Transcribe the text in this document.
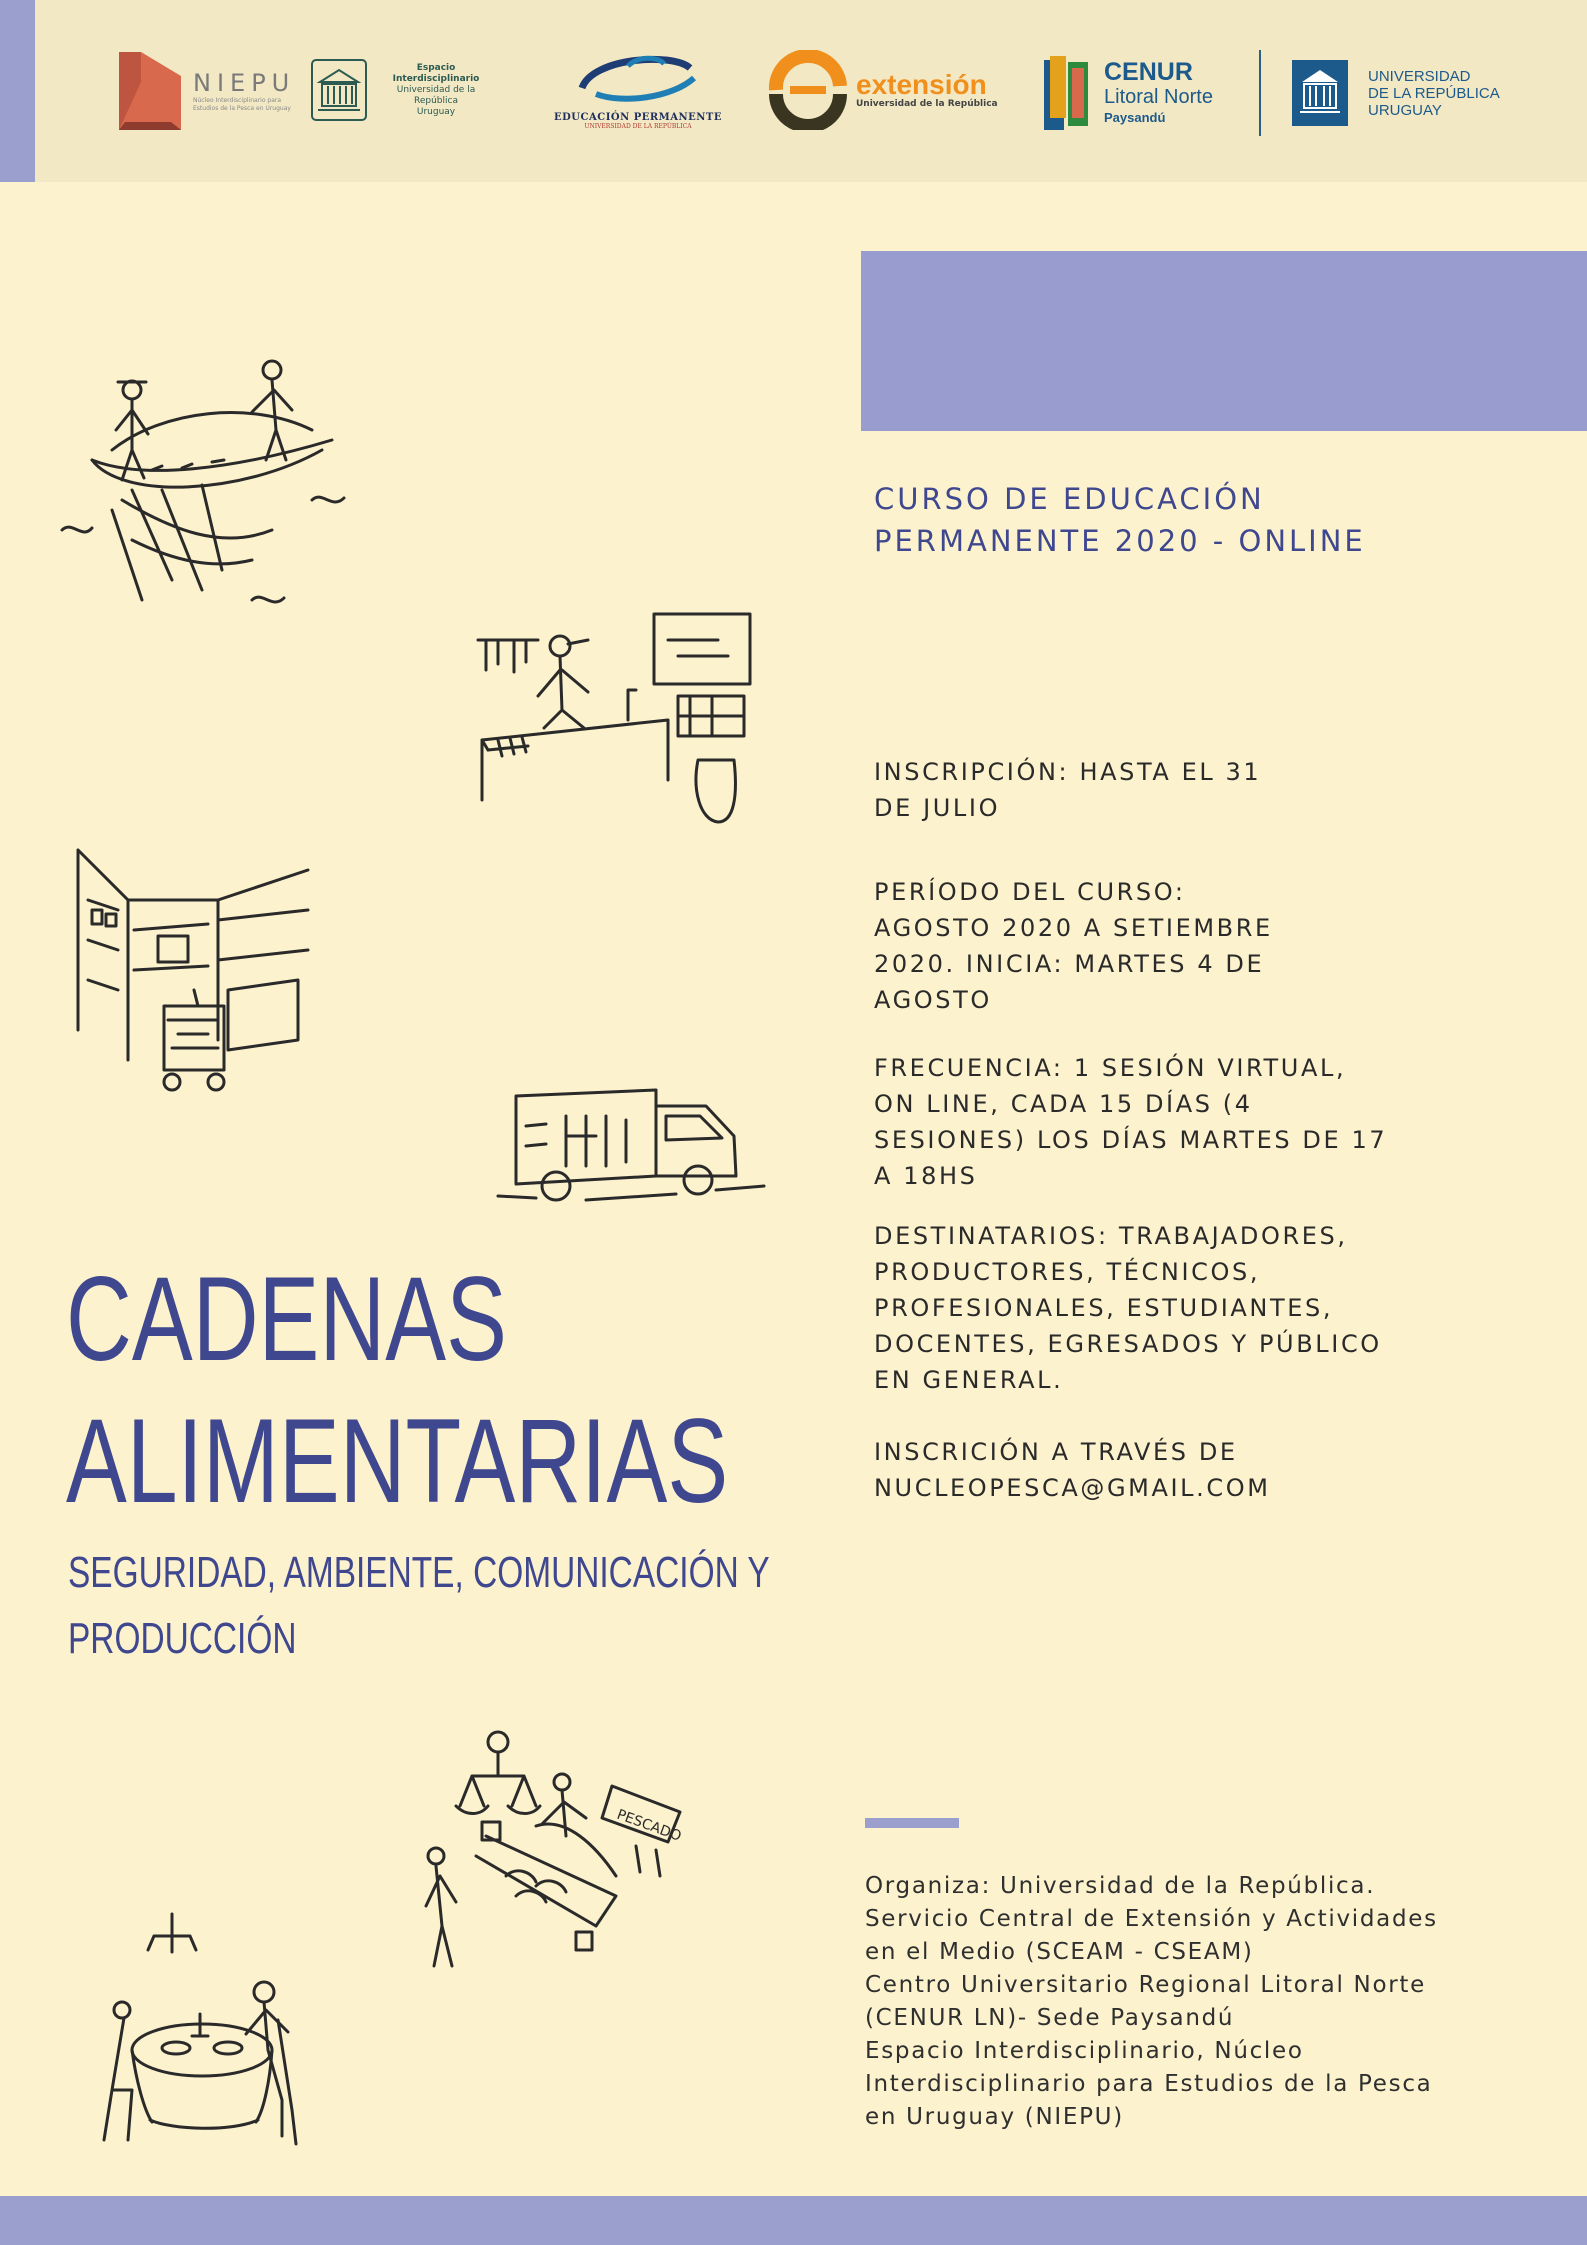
NIEPU
Núcleo Interdisciplinario para Estudios de la Pesca en Uruguay
Espacio Interdisciplinario
Universidad de la República
Uruguay
EDUCACIÓN PERMANENTE
UNIVERSIDAD DE LA REPÚBLICA
extensión
Universidad de la República
CENUR
Litoral Norte
Paysandú
UNIVERSIDAD
DE LA REPÚBLICA
URUGUAY
CURSO DE EDUCACIÓN
PERMANENTE 2020 - ONLINE
INSCRIPCIÓN: HASTA EL 31
DE JULIO
PERÍODO DEL CURSO:
AGOSTO 2020 A SETIEMBRE
2020. INICIA: MARTES 4 DE
AGOSTO
FRECUENCIA: 1 SESIÓN VIRTUAL,
ON LINE, CADA 15 DÍAS (4
SESIONES) LOS DÍAS MARTES DE 17
A 18HS
DESTINATARIOS: TRABAJADORES,
PRODUCTORES, TÉCNICOS,
PROFESIONALES, ESTUDIANTES,
DOCENTES, EGRESADOS Y PÚBLICO
EN GENERAL.
INSCRICIÓN A TRAVÉS DE
NUCLEOPESCA@GMAIL.COM
CADENAS
ALIMENTARIAS
SEGURIDAD, AMBIENTE, COMUNICACIÓN Y
PRODUCCIÓN
PESCADO
Organiza: Universidad de la República.
Servicio Central de Extensión y Actividades
en el Medio (SCEAM - CSEAM)
Centro Universitario Regional Litoral Norte
(CENUR LN)- Sede Paysandú
Espacio Interdisciplinario, Núcleo
Interdisciplinario para Estudios de la Pesca
en Uruguay (NIEPU)
